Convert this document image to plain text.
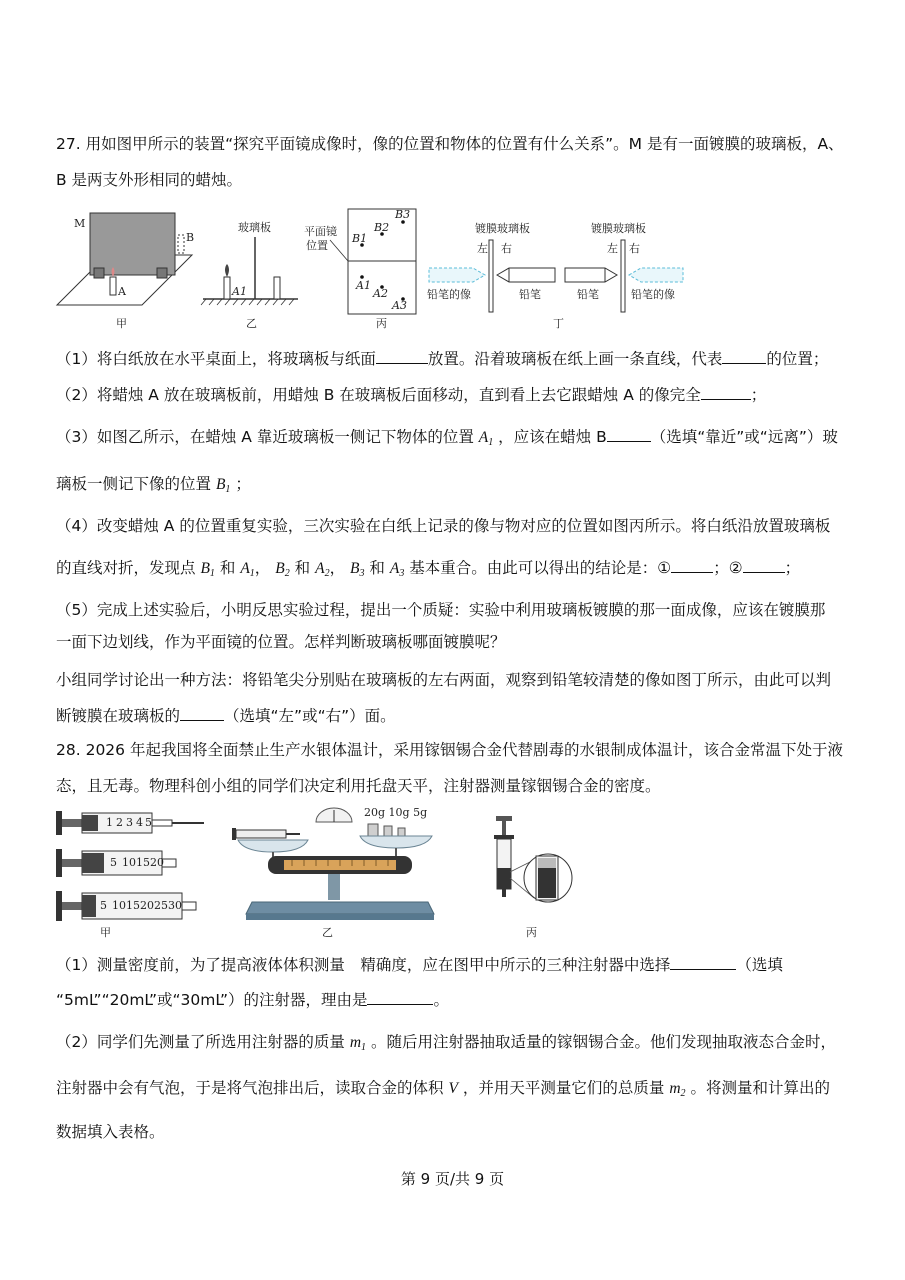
27. 用如图甲所示的装置“探究平面镜成像时，像的位置和物体的位置有什么关系”。M 是有一面镀膜的玻璃板，A、
B 是两支外形相同的蜡烛。
M
B
A
甲
玻璃板
A1
乙
平面镜
位置
B3
B2
B1
A1
A2
A3
丙
镀膜玻璃板	镀膜玻璃板
左 右	左 右
铅笔的像	铅笔	铅笔	铅笔的像
丁
（1）将白纸放在水平桌面上，将玻璃板与纸面	放置。沿着玻璃板在纸上画一条直线，代表	的位置；
（2）将蜡烛 A 放在玻璃板前，用蜡烛 B 在玻璃板后面移动，直到看上去它跟蜡烛 A 的像完全	；
（3）如图乙所示，在蜡烛 A 靠近玻璃板一侧记下物体的位置 $A_1$ ，应该在蜡烛 B	（选填“靠近”或“远离”）玻
璃板一侧记下像的位置 $B_1$ ；
（4）改变蜡烛 A 的位置重复实验，三次实验在白纸上记录的像与物对应的位置如图丙所示。将白纸沿放置玻璃板
的直线对折，发现点 $B_1$ 和 $A_1$， $B_2$ 和 $A_2$， $B_3$ 和 $A_3$ 基本重合。由此可以得出的结论是：①	；②	；
（5）完成上述实验后，小明反思实验过程，提出一个质疑：实验中利用玻璃板镀膜的那一面成像，应该在镀膜那
一面下边划线，作为平面镜的位置。怎样判断玻璃板哪面镀膜呢？
小组同学讨论出一种方法：将铅笔尖分别贴在玻璃板的左右两面，观察到铅笔较清楚的像如图丁所示，由此可以判
断镀膜在玻璃板的	（选填“左”或“右”）面。
28. 2026 年起我国将全面禁止生产水银体温计，采用镓铟锡合金代替剧毒的水银制成体温计，该合金常温下处于液
态，且无毒。物理科创小组的同学们决定利用托盘天平，注射器测量镓铟锡合金的密度。
1 2 3 4 5
5 10 15 20
5 10 15 20 25 30
甲
20g 10g 5g
乙	丙
（1）测量密度前，为了提高液体体积测量　精确度，应在图甲中所示的三种注射器中选择	（选填
“5mL”“20mL”或“30mL”）的注射器，理由是	。
（2）同学们先测量了所选用注射器的质量 $m_1$ 。随后用注射器抽取适量的镓铟锡合金。他们发现抽取液态合金时，
注射器中会有气泡，于是将气泡排出后，读取合金的体积 V ，并用天平测量它们的总质量 $m_2$ 。将测量和计算出的
数据填入表格。
第 9 页/共 9 页
